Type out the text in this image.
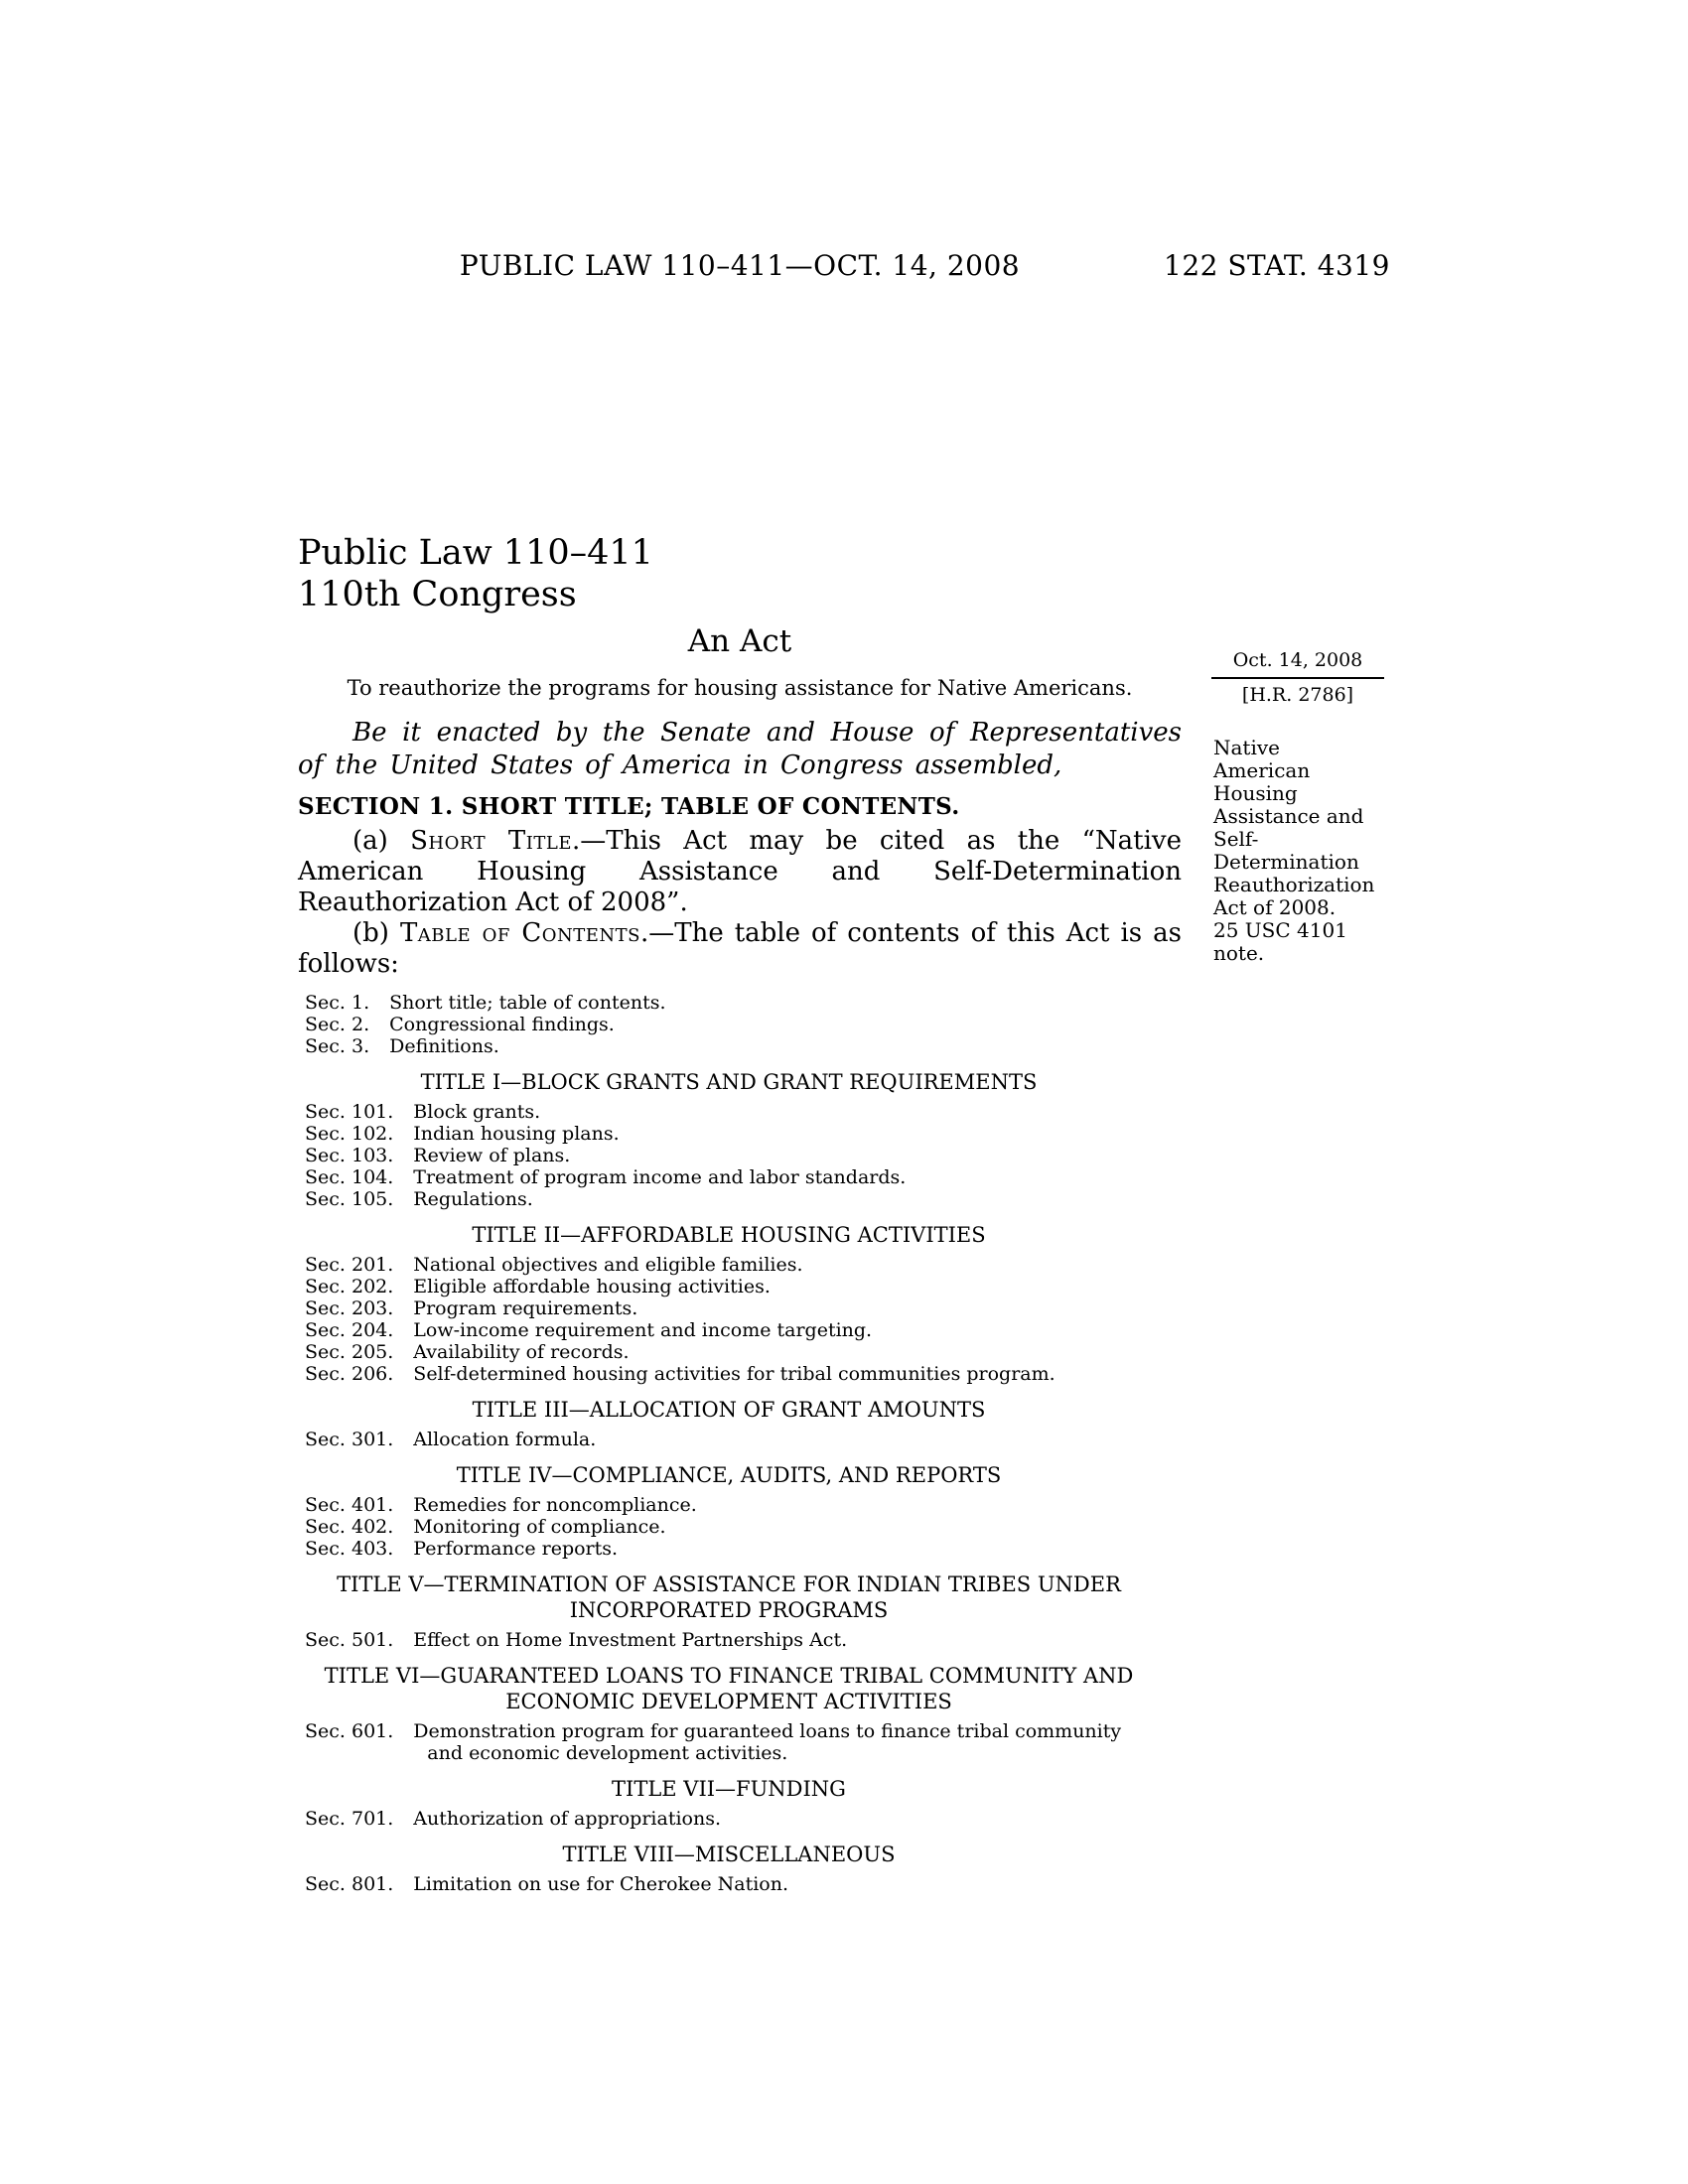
PUBLIC LAW 110–411—OCT. 14, 2008	122 STAT. 4319
Public Law 110–411
110th Congress
An Act

To reauthorize the programs for housing assistance for Native Americans.

Be it enacted by the Senate and House of Representatives of the United States of America in Congress assembled,

SECTION 1. SHORT TITLE; TABLE OF CONTENTS.

(a) Short Title.—This Act may be cited as the “Native American Housing Assistance and Self-Determination Reauthorization Act of 2008”.

(b) Table of Contents.—The table of contents of this Act is as follows:

Sec. 1.	Short title; table of contents.
Sec. 2.	Congressional findings.
Sec. 3.	Definitions.
TITLE I—BLOCK GRANTS AND GRANT REQUIREMENTS
Sec. 101.	Block grants.
Sec. 102.	Indian housing plans.
Sec. 103.	Review of plans.
Sec. 104.	Treatment of program income and labor standards.
Sec. 105.	Regulations.
TITLE II—AFFORDABLE HOUSING ACTIVITIES
Sec. 201.	National objectives and eligible families.
Sec. 202.	Eligible affordable housing activities.
Sec. 203.	Program requirements.
Sec. 204.	Low-income requirement and income targeting.
Sec. 205.	Availability of records.
Sec. 206.	Self-determined housing activities for tribal communities program.
TITLE III—ALLOCATION OF GRANT AMOUNTS
Sec. 301.	Allocation formula.
TITLE IV—COMPLIANCE, AUDITS, AND REPORTS
Sec. 401.	Remedies for noncompliance.
Sec. 402.	Monitoring of compliance.
Sec. 403.	Performance reports.
TITLE V—TERMINATION OF ASSISTANCE FOR INDIAN TRIBES UNDER INCORPORATED PROGRAMS
Sec. 501.	Effect on Home Investment Partnerships Act.
TITLE VI—GUARANTEED LOANS TO FINANCE TRIBAL COMMUNITY AND ECONOMIC DEVELOPMENT ACTIVITIES
Sec. 601.	Demonstration program for guaranteed loans to finance tribal community and economic development activities.
TITLE VII—FUNDING
Sec. 701.	Authorization of appropriations.
TITLE VIII—MISCELLANEOUS
Sec. 801.	Limitation on use for Cherokee Nation.
Oct. 14, 2008
[H.R. 2786]
Native American Housing Assistance and Self-Determination Reauthorization Act of 2008.
25 USC 4101 note.
